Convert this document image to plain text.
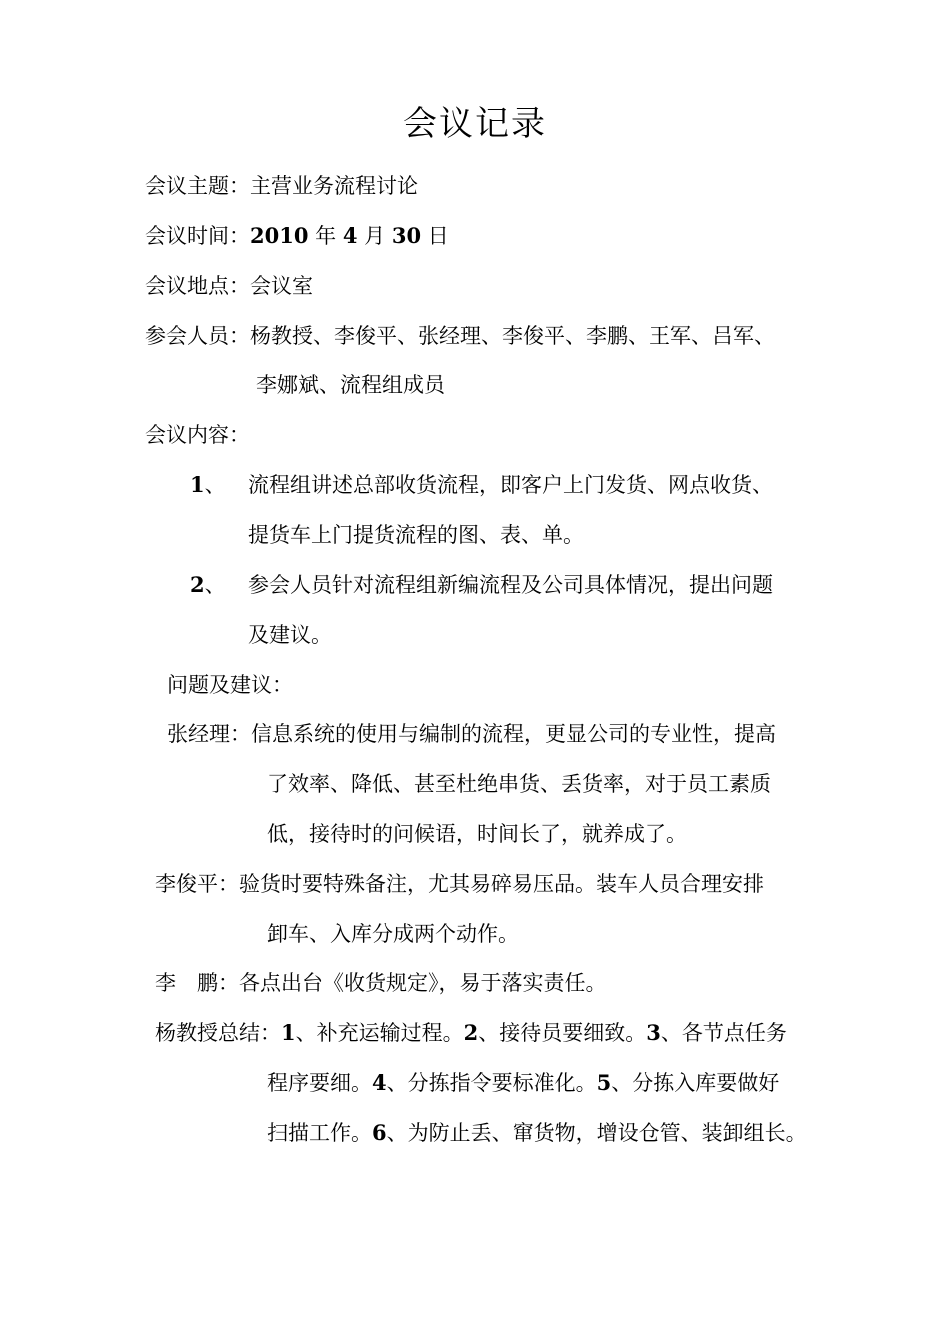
会议记录
会议主题：主营业务流程讨论
会议时间：2010 年 4 月 30 日
会议地点：会议室
参会人员：杨教授、李俊平、张经理、李俊平、李鹏、王军、吕军、
李娜斌、流程组成员
会议内容：
1、 流程组讲述总部收货流程，即客户上门发货、网点收货、
提货车上门提货流程的图、表、单。
2、 参会人员针对流程组新编流程及公司具体情况，提出问题
及建议。
问题及建议：
张经理：信息系统的使用与编制的流程，更显公司的专业性，提高
了效率、降低、甚至杜绝串货、丢货率，对于员工素质
低，接待时的问候语，时间长了，就养成了。
李俊平：验货时要特殊备注，尤其易碎易压品。装车人员合理安排
卸车、入库分成两个动作。
李　鹏：各点出台《收货规定》，易于落实责任。
杨教授总结：1、补充运输过程。2、接待员要细致。3、各节点任务
程序要细。4、分拣指令要标准化。5、分拣入库要做好
扫描工作。6、为防止丢、窜货物，增设仓管、装卸组长。
